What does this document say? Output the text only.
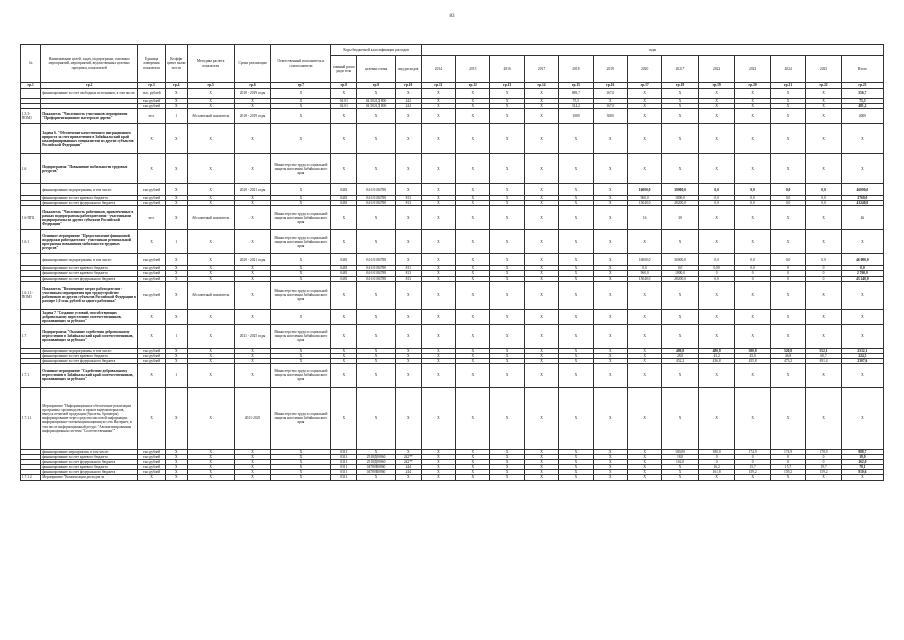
83
№	Наименование целей, задач, подпрограмм, основных мероприятий, мероприятий, ведомственных целевых программ, показателей	Единица измерения показателя	Коэффи циент значи мости	Методика расчета показателя	Сроки реализации	Ответственный исполнитель и соисполнители	Коды бюджетной классификации расходов			годы												
							главный распо ряди тель	целевая статья	вид расходов	2014	2015	2016	2017	2018	2019	2020	2021*	2022	2023	2024	2025	Итого
гр.1	гр.2	гр.3	гр.4	гр.5	гр.6	гр.7	гр.8	гр.9	гр.10	гр.11	гр.12	гр.13	гр.14	гр.15	гр.16	гр.17	гр.18	гр.19	гр.20	гр.21	гр.22	гр.23
	финансирование за счет свободных источников, в том числе:	тыс. рублей	Х	Х	2018 - 2019 годы	Х	Х	Х	Х	Х	Х	Х	Х	889,7	167,0	Х	Х	Х	Х	Х	Х	556,7
		тыс.рублей	Х	Х	Х	Х	04 01	04 5021Д 800	242	Х	Х	Х	Х	75,5	Х	Х	Х	Х	Х	Х	Х	75,5
		тыс.рублей	Х	Х	Х	Х	04 01	04 5021Д 800	244	Х	Х	Х	Х	314,2	167,0	Х	Х	Х	Х	Х	Х	481,2
1.5.3-ПОМ1	Показатель "Численность участников мероприятия "Профориентационное мастерское дерево"	чел.	1	Абсолютный показатель	2018 - 2019 годы	Х	Х	Х	Х	Х	Х	Х	Х	1000	3000	Х	Х	Х	Х	Х	Х	4000
	Задача 6. "Обеспечение качественного миграционного прироста за счет привлечения в Забайкальский край квалифицированных специалистов из других субъектов Российской Федерации"	Х	Х	Х	Х	Х	Х	Х	Х	Х	Х	Х	Х	Х	Х	Х	Х	Х	Х	Х	Х	Х
1.6	Подпрограмма "Повышение мобильности трудовых ресурсов"	Х	Х	Х	Х	Министерство труда и социальной защиты населения Забайкальского края	Х	Х	Х	Х	Х	Х	Х	Х	Х	Х	Х	Х	Х	Х	Х	Х
	финансирование подпрограммы, в том числе:	тыс.рублей	Х	Х	2020 - 2021 годы	Х	0481	04 6 0184788	Х	Х	Х	Х	Х	Х	Х	16000,0	30000,0	0,0	0,0	0,0	0,0	46000,0
	финансирование за счет краевого бюджета	тыс.рублей	Х	Х	Х	Х	0481	04 6 0184788	813	Х	Х	Х	Х	Х	Х	960,0	1800,0	0,0	0,0	0,0	0,0	2760,0
	финансирование за счет федерального бюджета	тыс.рублей	Х	Х	Х	Х	0481	04 6 0184788	813	Х	Х	Х	Х	Х	Х	15040,0	28200,0	0,0	0,0	0,0	0,0	43240,0
1.6-ПП1	Показатель "Численность работников, привлеченных в рамках подпрограммы работодателями - участниками подпрограммы из других субъектов Российской Федерации"	чел.	Х	Абсолютный показатель	Х	Министерство труда и социальной защиты населения Забайкальского края	Х	Х	Х	Х	Х	Х	Х	Х	Х	16	30	Х	Х	Х	Х	46
1.6.1	Основное мероприятие "Предоставление финансовой поддержки работодателям - участникам региональной программы повышения мобильности трудовых ресурсов"	Х	1	Х	Х	Министерство труда и социальной защиты населения Забайкальского края	Х	Х	Х	Х	Х	Х	Х	Х	Х	Х	Х	Х	Х	Х	Х	Х
	финансирование подпрограммы, в том числе:	тыс.рублей	Х	Х	2020 - 2021 годы	Х	0481	04 6 0184788	Х	Х	Х	Х	Х	Х	Х	16000,0	30000,0	0,0	0,0	0,0	0,0	46 000,0
	финансирование за счет краевого бюджета	тыс.рублей	Х	Х	Х	Х	0481	04 6 0184788	811	Х	Х	Х	Х	Х	Х	0,0	0,0	0,00	0,0	0	0	0,0
	финансирование за счет краевого бюджета	тыс.рублей	Х	Х	Х	Х	0481	04 6 0184788	813	Х	Х	Х	Х	Х	Х	960,0	1800,0	0	0	0	0	2 760,0
	финансирование за счет федерального бюджета	тыс.рублей	Х	Х	Х	Х	0481	04 6 0184788	813	Х	Х	Х	Х	Х	Х	15040,0	28200,0	0,0	0	0	0	43 240,0
1.6.1.1-ПОМ1	Показатель "Возмещение затрат работодателям - участникам мероприятия при трудоустройстве работников из других субъектов Российской Федерации в размере 1,0 млн. рублей за одного работника"	тыс.рублей	Х	Абсолютный показатель	Х	Министерство труда и социальной защиты населения Забайкальского края	Х	Х	Х	Х	Х	Х	Х	Х	Х	Х	Х	Х	Х	Х	Х	Х
	Задача 7 "Создание условий, способствующих добровольному переселению соотечественников, проживающих за рубежом"	Х	Х	Х	Х	Х	Х	Х	Х	Х	Х	Х	Х	Х	Х	Х	Х	Х	Х	Х	Х	Х
1.7	Подпрограмма "Оказание содействия добровольному переселению в Забайкальский край соотечественников, проживающих за рубежом"	Х	1	Х	2021 - 2025 годы	Министерство труда и социальной защиты населения Забайкальского края	Х	Х	Х	Х	Х	Х	Х	Х	Х	Х	Х	Х	Х	Х	Х	Х
	финансирование подпрограммы, в том числе:	тыс.рублей	Х	Х	Х	Х	Х	Х	Х	Х	Х	Х	Х	Х	Х	Х	480,8	480,8	500,8	520,8	552,1	2532,1
	финансирование за счет краевого бюджета	тыс.рублей	Х	Х	Х	Х	Х	Х	Х	Х	Х	Х	Х	Х	Х	Х	28,0	43,2	45,0	46,8	60,7	224,5
	финансирование за счет федерального бюджета	тыс.рублей	Х	Х	Х	Х	Х	Х	Х	Х	Х	Х	Х	Х	Х	Х	452,2	436,8	455,8	473,2	491,4	2307,6
1.7.1	Основное мероприятие "Содействие добровольному переселению в Забайкальский край соотечественников, проживающих за рубежом"	Х	1	Х	Х	Министерство труда и социальной защиты населения Забайкальского края	Х	Х	Х	Х	Х	Х	Х	Х	Х	Х	Х	Х	Х	Х	Х	Х
1.7.1.1	Мероприятие "Информационное обеспечение реализации программы: производство и прокат видеоматериалов, выпуск печатной продукции (буклеты, брошюры) информирование через средства массовой информации, информационно-телекоммуникационную сеть Интернет, в том числе информационный ресурс "Автоматизированная информационная система "Соотечественники""	Х	Х	Х	2021-2025	Министерство труда и социальной защиты населения Забайкальского края	Х	Х	Х	Х	Х	Х	Х	Х	Х	Х	Х	Х	Х	Х	Х	Х
	финансирование мероприятия, в том числе:	тыс.рублей	Х	Х	Х	Х	0311	Х	Х	Х	Х	Х	Х	Х	Х	Х	180,00	180,0	174,9	174,9	178,9	888,7
	финансирование за счет краевого бюджета	тыс.рублей	Х	Х	Х	Х	0311	2518Д00860	242**	Х	Х	Х	Х	Х	Х	Х	18,0	0	0	0	0	18,0
	финансирование за счет федерального бюджета	тыс.рублей	Х	Х	Х	Х	0311	2518Д00860	242**	Х	Х	Х	Х	Х	Х	Х	162,0	0	0	0	0	162,0
	финансирование за счет краевого бюджета	тыс.рублей	Х	Х	Х	Х	0311	04780R0860	244	Х	Х	Х	Х	Х	Х	Х	Х	16,2	15,7	15,7	19,7	78,1
	финансирование за счет федерального бюджета	тыс.рублей	Х	Х	Х	Х	0311	04780R0860	244	Х	Х	Х	Х	Х	Х	Х	Х	161,8	159,2	159,2	159,2	810,6
1.7.1.2	Мероприятие "Компенсация расходов за	Х	Х	Х	Х	Х	0311	Х	Х	Х	Х	Х	Х	Х	Х	Х	Х	Х	Х	Х	Х	Х
